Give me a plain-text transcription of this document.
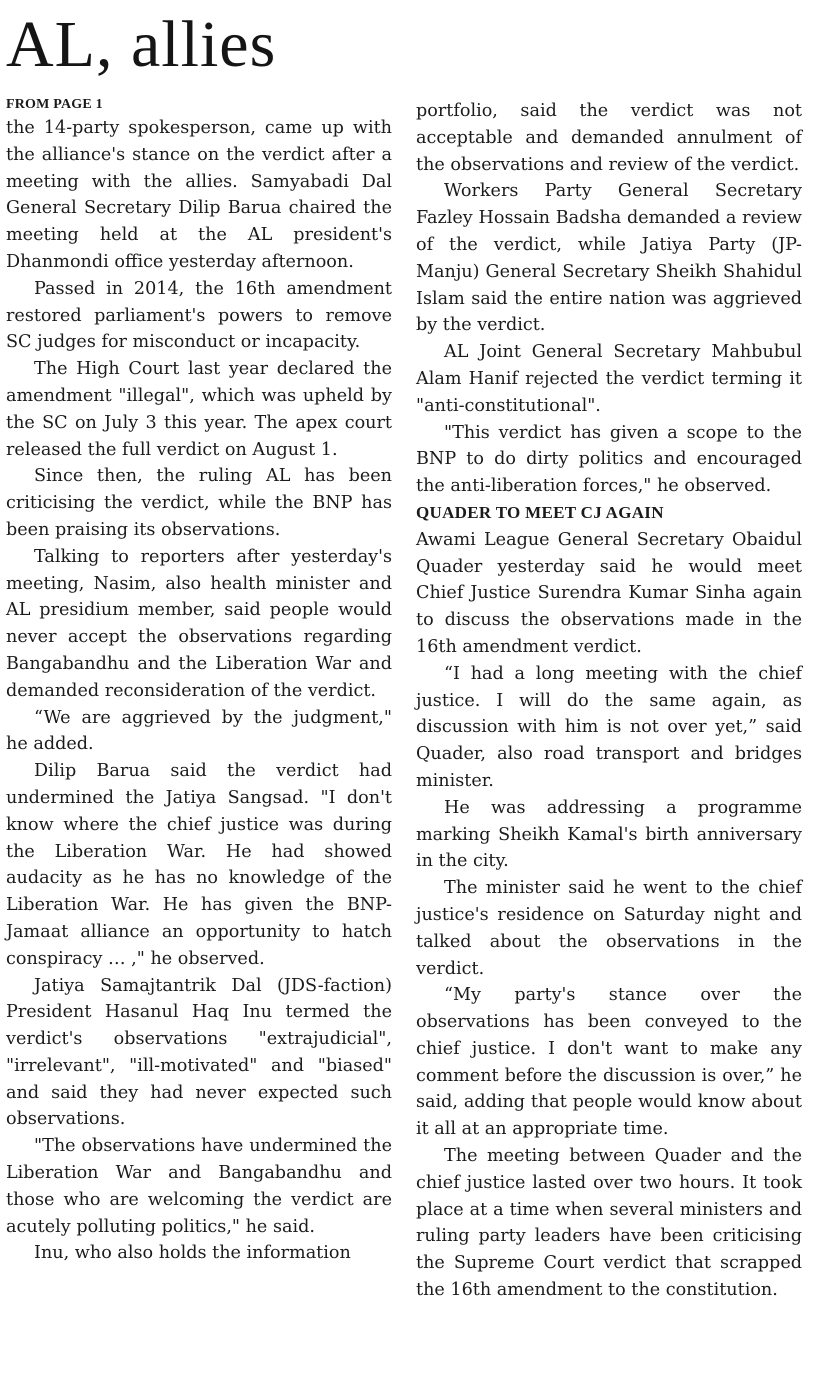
AL, allies
FROM PAGE 1

the 14-party spokesperson, came up with the alliance's stance on the verdict after a meeting with the allies. Samyabadi Dal General Secretary Dilip Barua chaired the meeting held at the AL president's Dhanmondi office yesterday afternoon.

Passed in 2014, the 16th amendment restored parliament's powers to remove SC judges for misconduct or incapacity.

The High Court last year declared the amendment "illegal", which was upheld by the SC on July 3 this year. The apex court released the full verdict on August 1.

Since then, the ruling AL has been criticising the verdict, while the BNP has been praising its observations.

Talking to reporters after yesterday's meeting, Nasim, also health minister and AL presidium member, said people would never accept the observations regarding Bangabandhu and the Liberation War and demanded reconsideration of the verdict.

“We are aggrieved by the judgment," he added.

Dilip Barua said the verdict had undermined the Jatiya Sangsad. "I don't know where the chief justice was during the Liberation War. He had showed audacity as he has no knowledge of the Liberation War. He has given the BNP-Jamaat alliance an opportunity to hatch conspiracy … ," he observed.

Jatiya Samajtantrik Dal (JDS-faction) President Hasanul Haq Inu termed the verdict's observations "extrajudicial", "irrelevant", "ill-motivated" and "biased" and said they had never expected such observations.

"The observations have undermined the Liberation War and Bangabandhu and those who are welcoming the verdict are acutely polluting politics," he said.

Inu, who also holds the information

portfolio, said the verdict was not acceptable and demanded annulment of the observations and review of the verdict.

Workers Party General Secretary Fazley Hossain Badsha demanded a review of the verdict, while Jatiya Party (JP-Manju) General Secretary Sheikh Shahidul Islam said the entire nation was aggrieved by the verdict.

AL Joint General Secretary Mahbubul Alam Hanif rejected the verdict terming it "anti-constitutional".

"This verdict has given a scope to the BNP to do dirty politics and encouraged the anti-liberation forces," he observed.

QUADER TO MEET CJ AGAIN

Awami League General Secretary Obaidul Quader yesterday said he would meet Chief Justice Surendra Kumar Sinha again to discuss the observations made in the 16th amendment verdict.

“I had a long meeting with the chief justice. I will do the same again, as discussion with him is not over yet,” said Quader, also road transport and bridges minister.

He was addressing a programme marking Sheikh Kamal's birth anniversary in the city.

The minister said he went to the chief justice's residence on Saturday night and talked about the observations in the verdict.

“My party's stance over the observations has been conveyed to the chief justice. I don't want to make any comment before the discussion is over,” he said, adding that people would know about it all at an appropriate time.

The meeting between Quader and the chief justice lasted over two hours. It took place at a time when several ministers and ruling party leaders have been criticising the Supreme Court verdict that scrapped the 16th amendment to the constitution.
